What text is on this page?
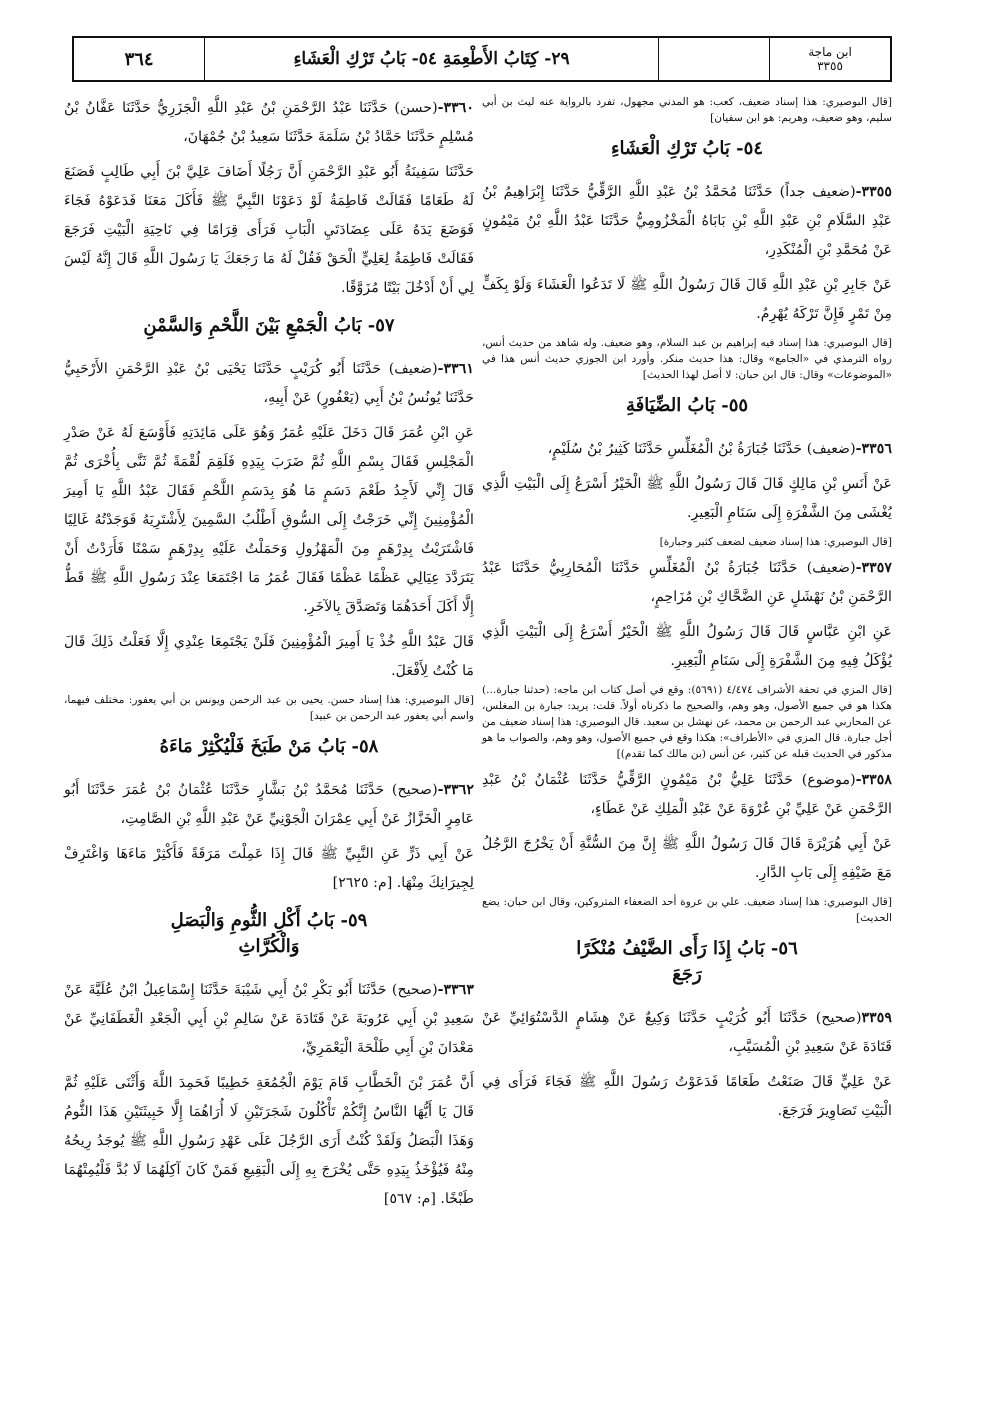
ابن ماجة
٣٣٥٥
٢٩- كِتَابُ الأَطْعِمَةِ ٥٤- بَابُ تَرْكِ الْعَشَاءِ
٣٦٤

[قال البوصيري: هذا إسناد ضعيف، كعب: هو المدني مجهول، تفرد بالرواية عنه ليث بن أبي سليم، وهو ضعيف، وهريم: هو ابن سفيان]

٥٤- بَابُ تَرْكِ الْعَشَاءِ

٣٣٥٥-(ضعيف جداً) حَدَّثَنَا مُحَمَّدُ بْنُ عَبْدِ اللَّهِ الرَّقِّيُّ حَدَّثَنَا إِبْرَاهِيمُ بْنُ عَبْدِ السَّلَامِ بْنِ عَبْدِ اللَّهِ بْنِ بَابَاهُ الْمَخْزُومِيُّ حَدَّثَنَا عَبْدُ اللَّهِ بْنُ مَيْمُونٍ عَنْ مُحَمَّدِ بْنِ الْمُنْكَدِرِ،

عَنْ جَابِرِ بْنِ عَبْدِ اللَّهِ قَالَ قَالَ رَسُولُ اللَّهِ ﷺ لَا تَدَعُوا الْعَشَاءَ وَلَوْ بِكَفٍّ مِنْ تَمْرٍ فَإِنَّ تَرْكَهُ يُهْرِمُ.

[قال البوصيري: هذا إسناد فيه إبراهيم بن عبد السلام، وهو ضعيف. وله شاهد من حديث أنس، رواه الترمذي في «الجامع» وقال: هذا حديث منكر. وأورد ابن الجوزي حديث أنس هذا في «الموضوعات» وقال: قال ابن حبان: لا أصل لهذا الحديث]

٥٥- بَابُ الضِّيَافَةِ

٣٣٥٦-(ضعيف) حَدَّثَنَا جُبَارَةُ بْنُ الْمُغَلِّسِ حَدَّثَنَا كَثِيرُ بْنُ سُلَيْمٍ،

عَنْ أَنَسِ بْنِ مَالِكٍ قَالَ قَالَ رَسُولُ اللَّهِ ﷺ الْخَيْرُ أَسْرَعُ إِلَى الْبَيْتِ الَّذِي يُغْشَى مِنَ الشَّفْرَةِ إِلَى سَنَامِ الْبَعِيرِ.

[قال البوصيري: هذا إسناد ضعيف لضعف كثير وجبارة]

٣٣٥٧-(ضعيف) حَدَّثَنَا جُبَارَةُ بْنُ الْمُغَلِّسِ حَدَّثَنَا الْمُحَارِبِيُّ حَدَّثَنَا عَبْدُ الرَّحْمَنِ بْنُ نَهْشَلٍ عَنِ الضَّحَّاكِ بْنِ مُزَاحِمٍ،

عَنِ ابْنِ عَبَّاسٍ قَالَ قَالَ رَسُولُ اللَّهِ ﷺ الْخَيْرُ أَسْرَعُ إِلَى الْبَيْتِ الَّذِي يُؤْكَلُ فِيهِ مِنَ الشَّفْرَةِ إِلَى سَنَامِ الْبَعِيرِ.

[قال المزي في تحفة الأشراف ٤/٤٧٤ (٥٦٩١): وقع في أصل كتاب ابن ماجه: (حدثنا جبارة...) هكذا هو في جميع الأصول، وهو وهم، والصحيح ما ذكرناه أولاً. قلت: يريد: جبارة بن المغلس، عن المحاربي عبد الرحمن بن محمد، عن نهشل بن سعيد. قال البوصيري: هذا إسناد ضعيف من أجل جبارة. قال المزي في «الأطراف»: هكذا وقع في جميع الأصول، وهو وهم، والصواب ما هو مذكور في الحديث قبله عن كثير، عن أنس (بن مالك كما تقدم)]

٣٣٥٨-(موضوع) حَدَّثَنَا عَلِيُّ بْنُ مَيْمُونٍ الرَّقِّيُّ حَدَّثَنَا عُثْمَانُ بْنُ عَبْدِ الرَّحْمَنِ عَنْ عَلِيِّ بْنِ عُرْوَةَ عَنْ عَبْدِ الْمَلِكِ عَنْ عَطَاءٍ،

عَنْ أَبِي هُرَيْرَةَ قَالَ قَالَ رَسُولُ اللَّهِ ﷺ إِنَّ مِنَ السُّنَّةِ أَنْ يَخْرُجَ الرَّجُلُ مَعَ ضَيْفِهِ إِلَى بَابِ الدَّارِ.

[قال البوصيري: هذا إسناد ضعيف. علي بن عروة أحد الضعفاء المتروكين، وقال ابن حبان: يضع الحديث]

٥٦- بَابُ إِذَا رَأَى الضَّيْفُ مُنْكَرًا
رَجَعَ

٣٣٥٩(صحيح) حَدَّثَنَا أَبُو كُرَيْبٍ حَدَّثَنَا وَكِيعٌ عَنْ هِشَامٍ الدَّسْتُوَائِيِّ عَنْ قَتَادَةَ عَنْ سَعِيدِ بْنِ الْمُسَيَّبِ،

عَنْ عَلِيٍّ قَالَ صَنَعْتُ طَعَامًا فَدَعَوْتُ رَسُولَ اللَّهِ ﷺ فَجَاءَ فَرَأَى فِي الْبَيْتِ تَصَاوِيرَ فَرَجَعَ.

٣٣٦٠-(حسن) حَدَّثَنَا عَبْدُ الرَّحْمَنِ بْنُ عَبْدِ اللَّهِ الْجَزَرِيُّ حَدَّثَنَا عَفَّانُ بْنُ مُسْلِمٍ حَدَّثَنَا حَمَّادُ بْنُ سَلَمَةَ حَدَّثَنَا سَعِيدُ بْنُ جُمْهَانَ،

حَدَّثَنَا سَفِينَةُ أَبُو عَبْدِ الرَّحْمَنِ أَنَّ رَجُلًا أَضَافَ عَلِيَّ بْنَ أَبِي طَالِبٍ فَصَنَعَ لَهُ طَعَامًا فَقَالَتْ فَاطِمَةُ لَوْ دَعَوْنَا النَّبِيَّ ﷺ فَأَكَلَ مَعَنَا فَدَعَوْهُ فَجَاءَ فَوَضَعَ يَدَهُ عَلَى عِضَادَتَيِ الْبَابِ فَرَأَى قِرَامًا فِي نَاحِيَةِ الْبَيْتِ فَرَجَعَ فَقَالَتْ فَاطِمَةُ لِعَلِيٍّ الْحَقْ فَقُلْ لَهُ مَا رَجَعَكَ يَا رَسُولَ اللَّهِ قَالَ إِنَّهُ لَيْسَ لِي أَنْ أَدْخُلَ بَيْتًا مُزَوَّقًا.

٥٧- بَابُ الْجَمْعِ بَيْنَ اللَّحْمِ وَالسَّمْنِ

٣٣٦١-(ضعيف) حَدَّثَنَا أَبُو كُرَيْبٍ حَدَّثَنَا يَحْيَى بْنُ عَبْدِ الرَّحْمَنِ الأَرْحَبِيُّ حَدَّثَنَا يُونُسُ بْنُ أَبِي (يَعْفُورٍ) عَنْ أَبِيهِ،

عَنِ ابْنِ عُمَرَ قَالَ دَخَلَ عَلَيْهِ عُمَرُ وَهُوَ عَلَى مَائِدَتِهِ فَأَوْسَعَ لَهُ عَنْ صَدْرِ الْمَجْلِسِ فَقَالَ بِسْمِ اللَّهِ ثُمَّ ضَرَبَ بِيَدِهِ فَلَقِمَ لُقْمَةً ثُمَّ ثَنَّى بِأُخْرَى ثُمَّ قَالَ إِنِّي لَأَجِدُ طَعْمَ دَسَمٍ مَا هُوَ بِدَسَمِ اللَّحْمِ فَقَالَ عَبْدُ اللَّهِ يَا أَمِيرَ الْمُؤْمِنِينَ إِنِّي خَرَجْتُ إِلَى السُّوقِ أَطْلُبُ السَّمِينَ لِأَشْتَرِيَهُ فَوَجَدْتُهُ غَالِيًا فَاشْتَرَيْتُ بِدِرْهَمٍ مِنَ الْمَهْزُولِ وَحَمَلْتُ عَلَيْهِ بِدِرْهَمٍ سَمْنًا فَأَرَدْتُ أَنْ يَتَرَدَّدَ عِيَالِي عَظْمًا عَظْمًا فَقَالَ عُمَرُ مَا اجْتَمَعَا عِنْدَ رَسُولِ اللَّهِ ﷺ قَطُّ إِلَّا أَكَلَ أَحَدَهُمَا وَتَصَدَّقَ بِالآخَرِ.

قَالَ عَبْدُ اللَّهِ خُذْ يَا أَمِيرَ الْمُؤْمِنِينَ فَلَنْ يَجْتَمِعَا عِنْدِي إِلَّا فَعَلْتُ ذَلِكَ قَالَ مَا كُنْتُ لِأَفْعَلَ.

[قال البوصيري: هذا إسناد حسن. يحيى بن عبد الرحمن ويونس بن أبي يعفور: مختلف فيهما، واسم أبي يعفور عبد الرحمن بن عبيد]

٥٨- بَابُ مَنْ طَبَخَ فَلْيُكْثِرْ مَاءَهُ

٣٣٦٢-(صحيح) حَدَّثَنَا مُحَمَّدُ بْنُ بَشَّارٍ حَدَّثَنَا عُثْمَانُ بْنُ عُمَرَ حَدَّثَنَا أَبُو عَامِرٍ الْخَزَّازُ عَنْ أَبِي عِمْرَانَ الْجَوْنِيِّ عَنْ عَبْدِ اللَّهِ بْنِ الصَّامِتِ،

عَنْ أَبِي ذَرٍّ عَنِ النَّبِيِّ ﷺ قَالَ إِذَا عَمِلْتَ مَرَقَةً فَأَكْثِرْ مَاءَهَا وَاغْتَرِفْ لِجِيرَانِكَ مِنْهَا. [م: ٢٦٢٥]

٥٩- بَابُ أَكْلِ الثُّومِ وَالْبَصَلِ
وَالْكُرَّاثِ

٣٣٦٣-(صحيح) حَدَّثَنَا أَبُو بَكْرِ بْنُ أَبِي شَيْبَةَ حَدَّثَنَا إِسْمَاعِيلُ ابْنُ عُلَيَّةَ عَنْ سَعِيدِ بْنِ أَبِي عَرُوبَةَ عَنْ قَتَادَةَ عَنْ سَالِمِ بْنِ أَبِي الْجَعْدِ الْغَطَفَانِيِّ عَنْ مَعْدَانَ بْنِ أَبِي طَلْحَةَ الْيَعْمَرِيِّ،

أَنَّ عُمَرَ بْنَ الْخَطَّابِ قَامَ يَوْمَ الْجُمُعَةِ خَطِيبًا فَحَمِدَ اللَّهَ وَأَثْنَى عَلَيْهِ ثُمَّ قَالَ يَا أَيُّهَا النَّاسُ إِنَّكُمْ تَأْكُلُونَ شَجَرَتَيْنِ لَا أُرَاهُمَا إِلَّا خَبِيثَتَيْنِ هَذَا الثُّومُ وَهَذَا الْبَصَلُ وَلَقَدْ كُنْتُ أَرَى الرَّجُلَ عَلَى عَهْدِ رَسُولِ اللَّهِ ﷺ يُوجَدُ رِيحُهُ مِنْهُ فَيُؤْخَذُ بِيَدِهِ حَتَّى يُخْرَجَ بِهِ إِلَى الْبَقِيعِ فَمَنْ كَانَ آكِلَهُمَا لَا بُدَّ فَلْيُمِتْهُمَا طَبْخًا. [م: ٥٦٧]
